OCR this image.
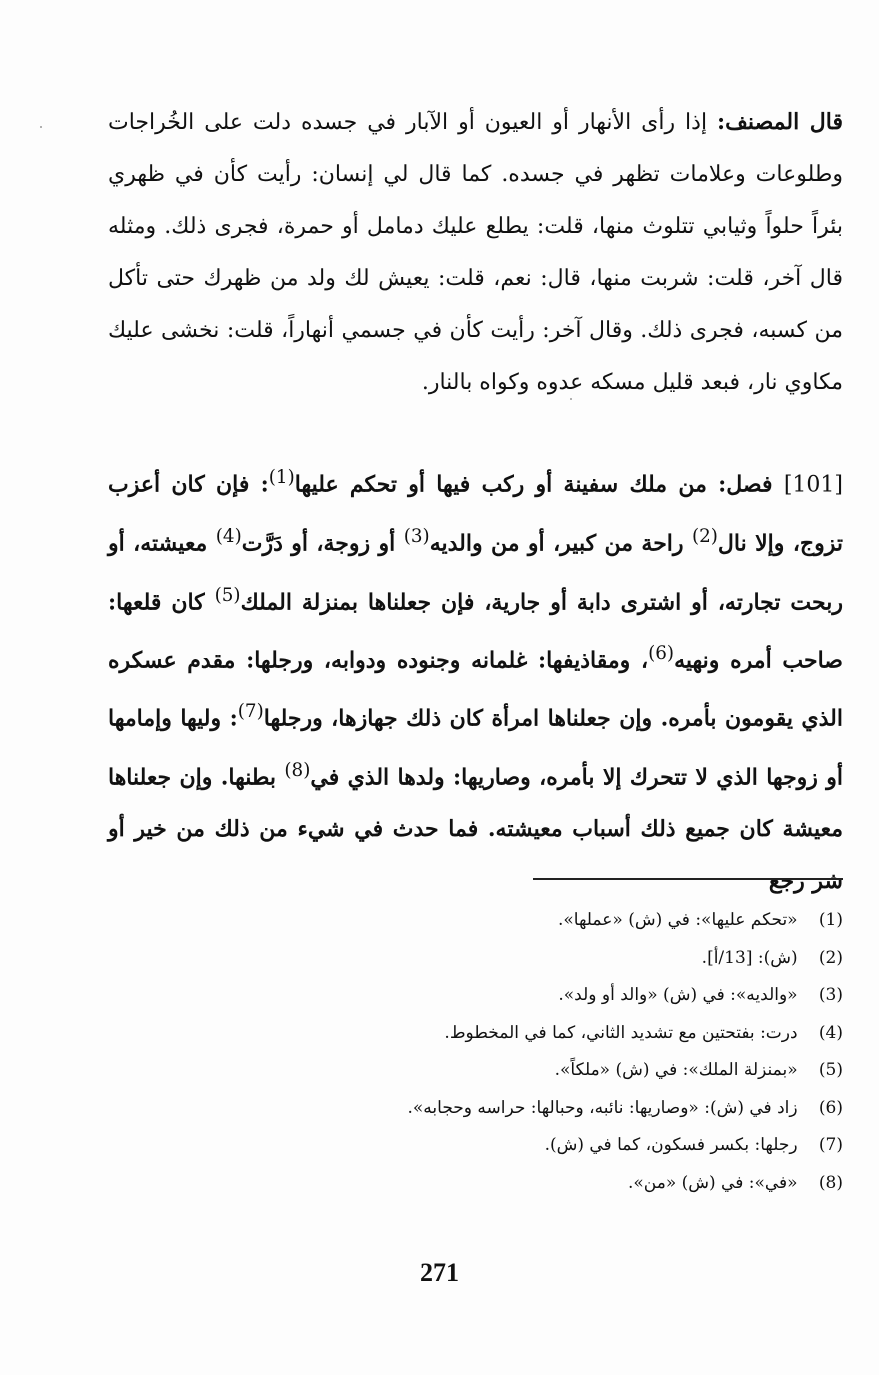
قال المصنف: إذا رأى الأنهار أو العيون أو الآبار في جسده دلت على الخُراجات وطلوعات وعلامات تظهر في جسده. كما قال لي إنسان: رأيت كأن في ظهري بئراً حلواً وثيابي تتلوث منها، قلت: يطلع عليك دمامل أو حمرة، فجرى ذلك. ومثله قال آخر، قلت: شربت منها، قال: نعم، قلت: يعيش لك ولد من ظهرك حتى تأكل من كسبه، فجرى ذلك. وقال آخر: رأيت كأن في جسمي أنهاراً، قلت: نخشى عليك مكاوي نار، فبعد قليل مسكه عدوه وكواه بالنار.
[101] فصل: من ملك سفينة أو ركب فيها أو تحكم عليها$^{(1)}$: فإن كان أعزب تزوج، وإلا نال$^{(2)}$ راحة من كبير، أو من والديه$^{(3)}$ أو زوجة، أو دَرَّت$^{(4)}$ معيشته، أو ربحت تجارته، أو اشترى دابة أو جارية، فإن جعلناها بمنزلة الملك$^{(5)}$ كان قلعها: صاحب أمره ونهيه$^{(6)}$، ومقاذيفها: غلمانه وجنوده ودوابه، ورجلها: مقدم عسكره الذي يقومون بأمره. وإن جعلناها امرأة كان ذلك جهازها، ورجلها$^{(7)}$: وليها وإمامها أو زوجها الذي لا تتحرك إلا بأمره، وصاريها: ولدها الذي في$^{(8)}$ بطنها. وإن جعلناها معيشة كان جميع ذلك أسباب معيشته. فما حدث في شيء من ذلك من خير أو شر رجع
(1) «تحكم عليها»: في (ش) «عملها».
(2) (ش): [13/أ].
(3) «والديه»: في (ش) «والد أو ولد».
(4) درت: بفتحتين مع تشديد الثاني، كما في المخطوط.
(5) «بمنزلة الملك»: في (ش) «ملكاً».
(6) زاد في (ش): «وصاريها: نائبه، وحبالها: حراسه وحجابه».
(7) رجلها: بكسر فسكون، كما في (ش).
(8) «في»: في (ش) «من».
271
